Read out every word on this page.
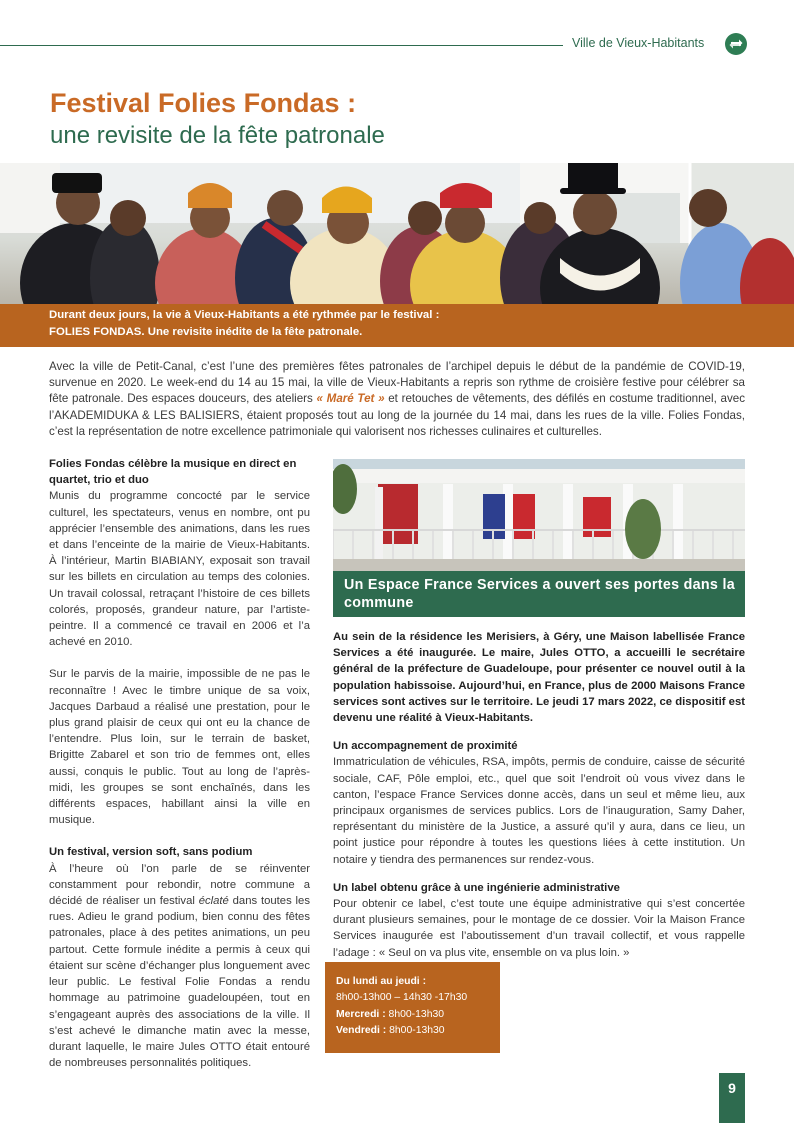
Ville de Vieux-Habitants
Festival Folies Fondas :
une revisite de la fête patronale
Durant deux jours, la vie à Vieux-Habitants a été rythmée par le festival :
FOLIES FONDAS. Une revisite inédite de la fête patronale.
Avec la ville de Petit-Canal, c’est l’une des premières fêtes patronales de l’archipel depuis le début de la pandémie de COVID-19, survenue en 2020. Le week-end du 14 au 15 mai, la ville de Vieux-Habitants a repris son rythme de croisière festive pour célébrer sa fête patronale. Des espaces douceurs, des ateliers « Maré Tet » et retouches de vêtements, des défilés en costume traditionnel, avec l’AKADEMIDUKA & LES BALISIERS, étaient proposés tout au long de la journée du 14 mai, dans les rues de la ville. Folies Fondas, c’est la représentation de notre excellence patrimoniale qui valorisent nos richesses culinaires et culturelles.
Folies Fondas célèbre la musique en direct en quartet, trio et duo

Munis du programme concocté par le service culturel, les spectateurs, venus en nombre, ont pu apprécier l’ensemble des animations, dans les rues et dans l’enceinte de la mairie de Vieux-Habitants. À l’intérieur, Martin BIABIANY, exposait son travail sur les billets en circulation au temps des colonies. Un travail colossal, retraçant l’histoire de ces billets colorés, proposés, grandeur nature, par l’artiste-peintre. Il a commencé ce travail en 2006 et l’a achevé en 2010.

Sur le parvis de la mairie, impossible de ne pas le reconnaître ! Avec le timbre unique de sa voix, Jacques Darbaud a réalisé une prestation, pour le plus grand plaisir de ceux qui ont eu la chance de l’entendre. Plus loin, sur le terrain de basket, Brigitte Zabarel et son trio de femmes ont, elles aussi, conquis le public. Tout au long de l’après-midi, les groupes se sont enchaînés, dans les différents espaces, habillant ainsi la ville en musique.

Un festival, version soft, sans podium

À l’heure où l’on parle de se réinventer constamment pour rebondir, notre commune a décidé de réaliser un festival éclaté dans toutes les rues. Adieu le grand podium, bien connu des fêtes patronales, place à des petites animations, un peu partout. Cette formule inédite a permis à ceux qui étaient sur scène d’échanger plus longuement avec leur public. Le festival Folie Fondas a rendu hommage au patrimoine guadeloupéen, tout en s’engageant auprès des associations de la ville. Il s’est achevé le dimanche matin avec la messe, durant laquelle, le maire Jules OTTO était entouré de nombreuses personnalités politiques.

Un Espace France Services a ouvert ses portes dans la commune

Au sein de la résidence les Merisiers, à Géry, une Maison labellisée France Services a été inaugurée. Le maire, Jules OTTO, a accueilli le secrétaire général de la préfecture de Guadeloupe, pour présenter ce nouvel outil à la population habissoise. Aujourd’hui, en France, plus de 2000 Maisons France services sont actives sur le territoire. Le jeudi 17 mars 2022, ce dispositif est devenu une réalité à Vieux-Habitants.

Un accompagnement de proximité

Immatriculation de véhicules, RSA, impôts, permis de conduire, caisse de sécurité sociale, CAF, Pôle emploi, etc., quel que soit l’endroit où vous vivez dans le canton, l’espace France Services donne accès, dans un seul et même lieu, aux principaux organismes de services publics. Lors de l’inauguration, Samy Daher, représentant du ministère de la Justice, a assuré qu’il y aura, dans ce lieu, un point justice pour répondre à toutes les questions liées à cette institution. Un notaire y tiendra des permanences sur rendez-vous.

Un label obtenu grâce à une ingénierie administrative

Pour obtenir ce label, c’est toute une équipe administrative qui s’est concertée durant plusieurs semaines, pour le montage de ce dossier. Voir la Maison France Services inaugurée est l’aboutissement d’un travail collectif, et vous rappelle l’adage : « Seul on va plus vite, ensemble on va plus loin. »

Du lundi au jeudi :
8h00-13h00 – 14h30 -17h30
Mercredi : 8h00-13h30
Vendredi : 8h00-13h30
9
